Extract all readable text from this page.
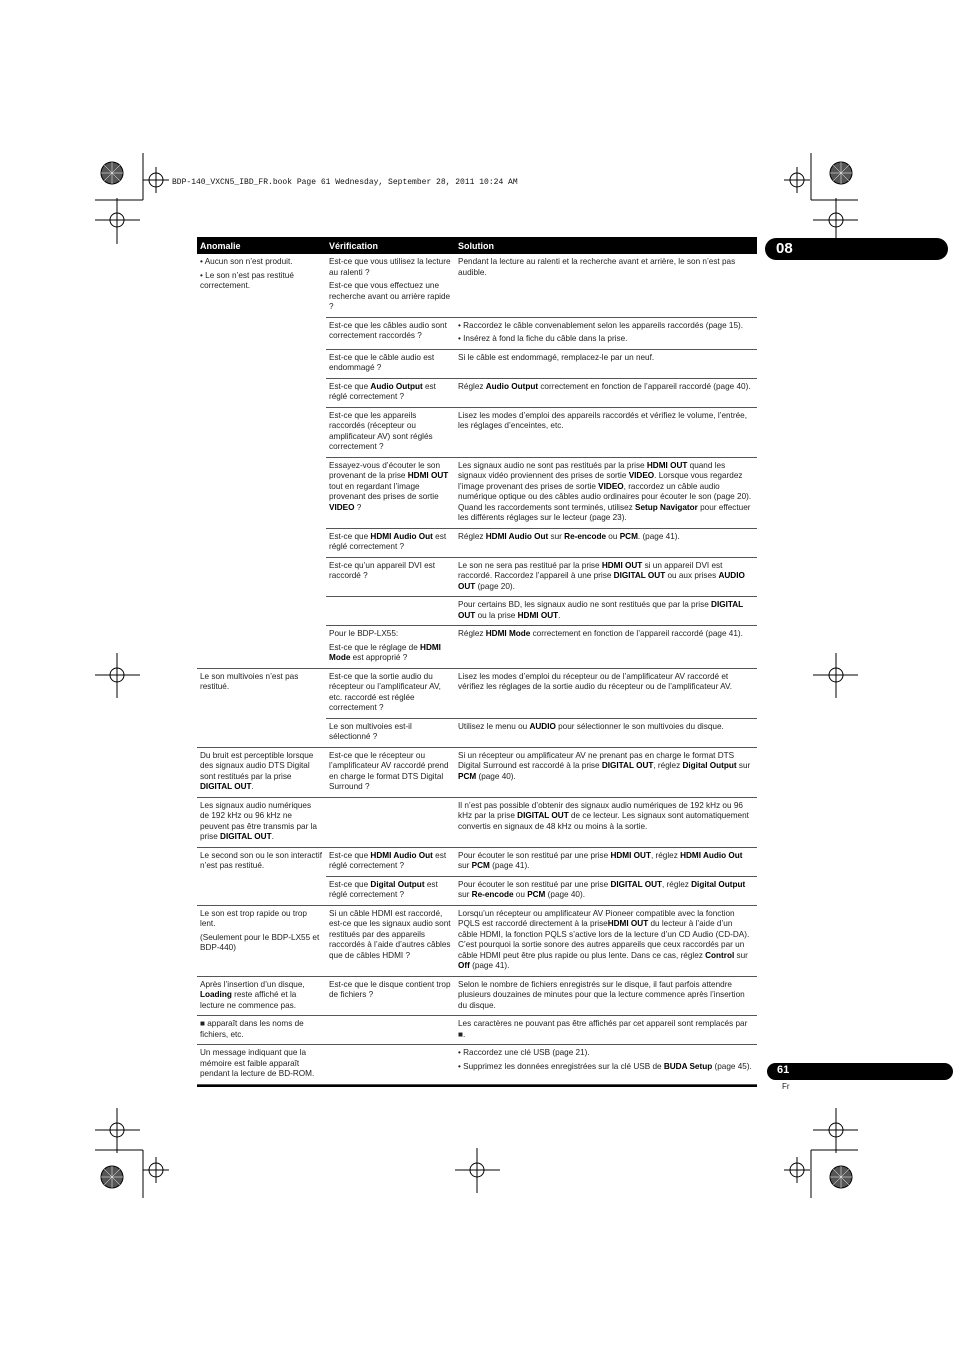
BDP-140_VXCN5_IBD_FR.book Page 61 Wednesday, September 28, 2011 10:24 AM
08
Anomalie	Vérification	Solution

• Aucun son n’est produit.

• Le son n’est pas restitué correctement.

Est-ce que vous utilisez la lecture au ralenti ?

Est-ce que vous effectuez une recherche avant ou arrière rapide ?

Pendant la lecture au ralenti et la recherche avant et arrière, le son n’est pas audible.

Est-ce que les câbles audio sont correctement raccordés ?

• Raccordez le câble convenablement selon les appareils raccordés (page 15).

• Insérez à fond la fiche du câble dans la prise.

Est-ce que le câble audio est endommagé ?

Si le câble est endommagé, remplacez-le par un neuf.

Est-ce que Audio Output est réglé correctement ?

Réglez Audio Output correctement en fonction de l’appareil raccordé (page 40).

Est-ce que les appareils raccordés (récepteur ou amplificateur AV) sont réglés correctement ?

Lisez les modes d’emploi des appareils raccordés et vérifiez le volume, l’entrée, les réglages d’enceintes, etc.

Essayez-vous d’écouter le son provenant de la prise HDMI OUT tout en regardant l’image provenant des prises de sortie VIDEO ?

Les signaux audio ne sont pas restitués par la prise HDMI OUT quand les signaux vidéo proviennent des prises de sortie VIDEO. Lorsque vous regardez l’image provenant des prises de sortie VIDEO, raccordez un câble audio numérique optique ou des câbles audio ordinaires pour écouter le son (page 20). Quand les raccordements sont terminés, utilisez Setup Navigator pour effectuer les différents réglages sur le lecteur (page 23).

Est-ce que HDMI Audio Out est réglé correctement ?

Réglez HDMI Audio Out sur Re-encode ou PCM. (page 41).

Est-ce qu’un appareil DVI est raccordé ?

Le son ne sera pas restitué par la prise HDMI OUT si un appareil DVI est raccordé. Raccordez l’appareil à une prise DIGITAL OUT ou aux prises AUDIO OUT (page 20).

Pour certains BD, les signaux audio ne sont restitués que par la prise DIGITAL OUT ou la prise HDMI OUT.

Pour le BDP-LX55:

Est-ce que le réglage de HDMI Mode est approprié ?

Réglez HDMI Mode correctement en fonction de l’appareil raccordé (page 41).

Le son multivoies n’est pas restitué.

Est-ce que la sortie audio du récepteur ou l’amplificateur AV, etc. raccordé est réglée correctement ?

Lisez les modes d’emploi du récepteur ou de l’amplificateur AV raccordé et vérifiez les réglages de la sortie audio du récepteur ou de l’amplificateur AV.

Le son multivoies est-il sélectionné ?

Utilisez le menu ou AUDIO pour sélectionner le son multivoies du disque.

Du bruit est perceptible lorsque des signaux audio DTS Digital sont restitués par la prise DIGITAL OUT.

Est-ce que le récepteur ou l’amplificateur AV raccordé prend en charge le format DTS Digital Surround ?

Si un récepteur ou amplificateur AV ne prenant pas en charge le format DTS Digital Surround est raccordé à la prise DIGITAL OUT, réglez Digital Output sur PCM (page 40).

Les signaux audio numériques de 192 kHz ou 96 kHz ne peuvent pas être transmis par la prise DIGITAL OUT.

Il n’est pas possible d’obtenir des signaux audio numériques de 192 kHz ou 96 kHz par la prise DIGITAL OUT de ce lecteur. Les signaux sont automatiquement convertis en signaux de 48 kHz ou moins à la sortie.

Le second son ou le son interactif n’est pas restitué.

Est-ce que HDMI Audio Out est réglé correctement ?

Pour écouter le son restitué par une prise HDMI OUT, réglez HDMI Audio Out sur PCM (page 41).

Est-ce que Digital Output est réglé correctement ?

Pour écouter le son restitué par une prise DIGITAL OUT, réglez Digital Output sur Re-encode ou PCM (page 40).

Le son est trop rapide ou trop lent.

(Seulement pour le BDP-LX55 et BDP-440)

Si un câble HDMI est raccordé, est-ce que les signaux audio sont restitués par des appareils raccordés à l’aide d’autres câbles que de câbles HDMI ?

Lorsqu’un récepteur ou amplificateur AV Pioneer compatible avec la fonction PQLS est raccordé directement à la priseHDMI OUT du lecteur à l’aide d’un câble HDMI, la fonction PQLS s’active lors de la lecture d’un CD Audio (CD-DA). C’est pourquoi la sortie sonore des autres appareils que ceux raccordés par un câble HDMI peut être plus rapide ou plus lente. Dans ce cas, réglez Control sur Off (page 41).

Après l’insertion d’un disque, Loading reste affiché et la lecture ne commence pas.

Est-ce que le disque contient trop de fichiers ?

Selon le nombre de fichiers enregistrés sur le disque, il faut parfois attendre plusieurs douzaines de minutes pour que la lecture commence après l’insertion du disque.

■ apparaît dans les noms de fichiers, etc.

Les caractères ne pouvant pas être affichés par cet appareil sont remplacés par ■.

Un message indiquant que la mémoire est faible apparaît pendant la lecture de BD-ROM.

• Raccordez une clé USB (page 21).

• Supprimez les données enregistrées sur la clé USB de BUDA Setup (page 45). 61
Fr
